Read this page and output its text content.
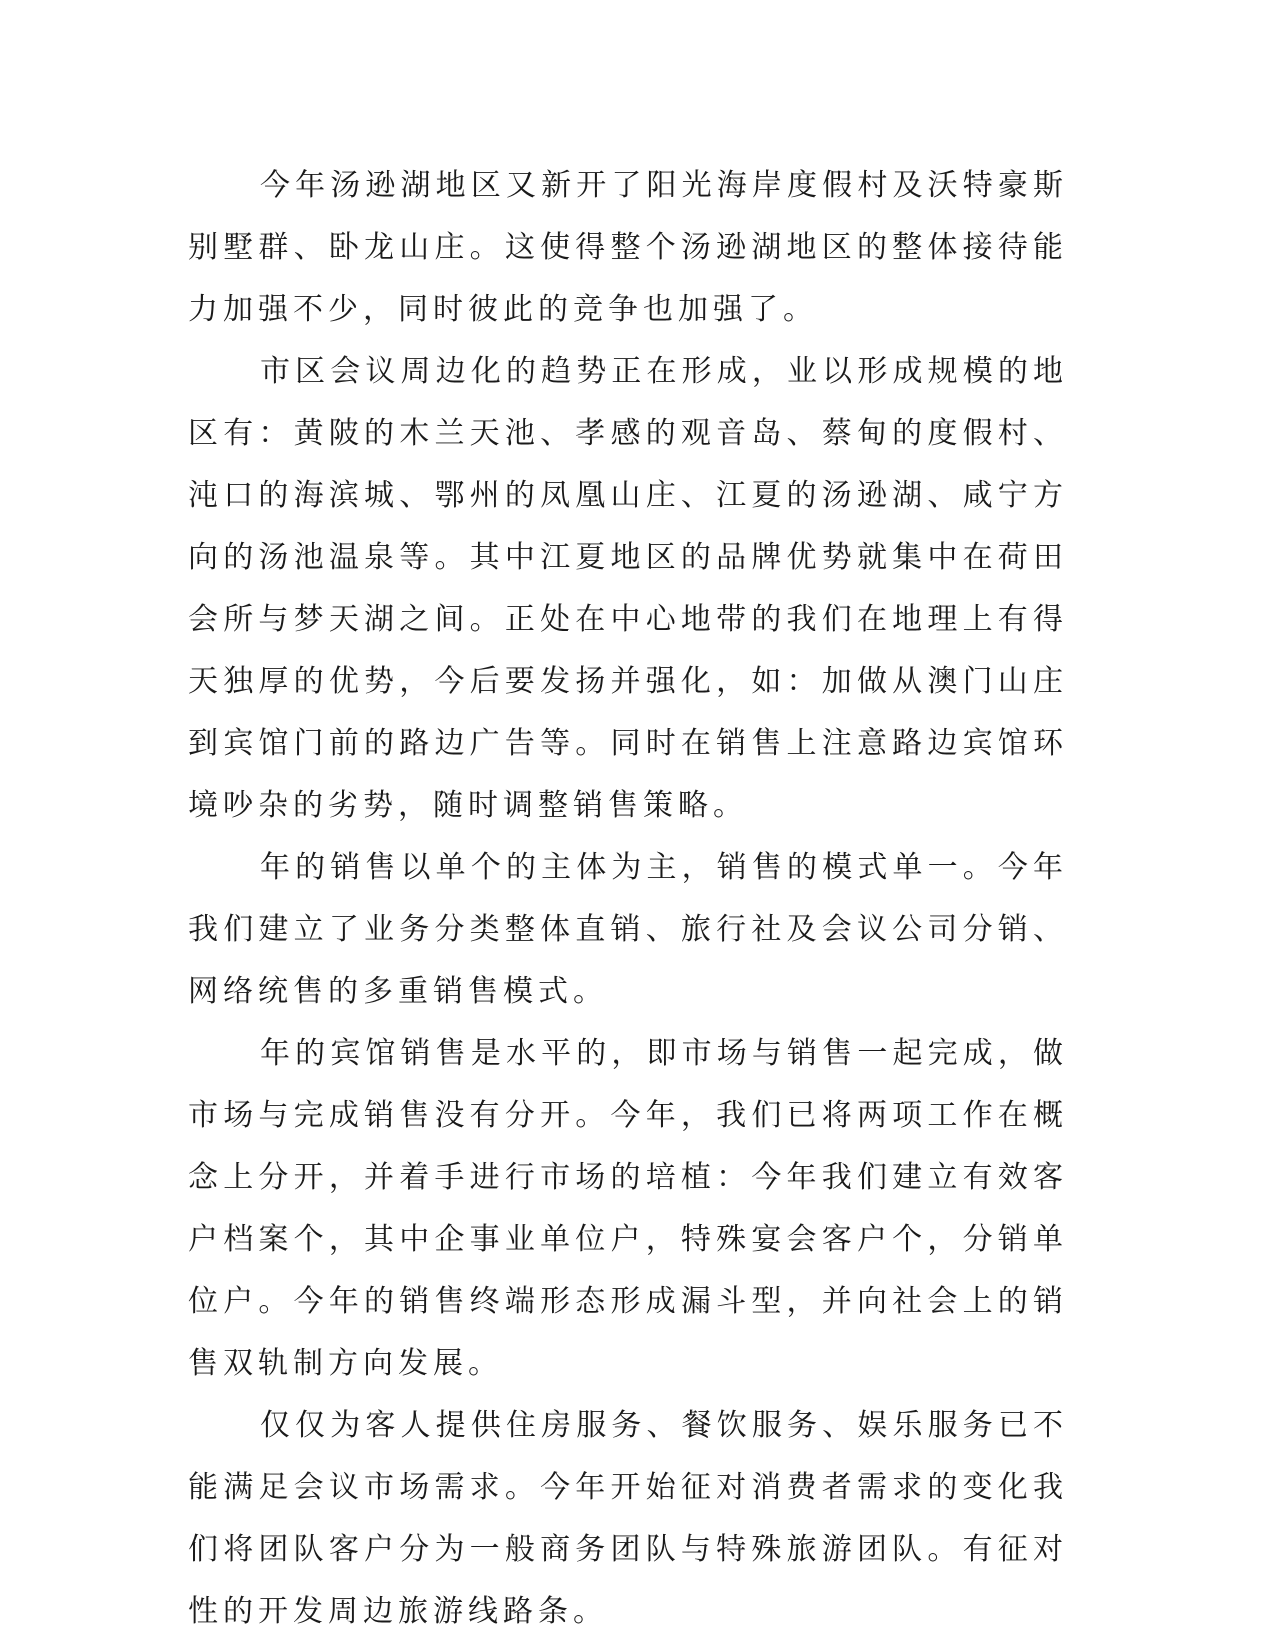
今年汤逊湖地区又新开了阳光海岸度假村及沃特豪斯别墅群、卧龙山庄。这使得整个汤逊湖地区的整体接待能力加强不少，同时彼此的竞争也加强了。

市区会议周边化的趋势正在形成，业以形成规模的地区有：黄陂的木兰天池、孝感的观音岛、蔡甸的度假村、沌口的海滨城、鄂州的凤凰山庄、江夏的汤逊湖、咸宁方向的汤池温泉等。其中江夏地区的品牌优势就集中在荷田会所与梦天湖之间。正处在中心地带的我们在地理上有得天独厚的优势，今后要发扬并强化，如：加做从澳门山庄到宾馆门前的路边广告等。同时在销售上注意路边宾馆环境吵杂的劣势，随时调整销售策略。

年的销售以单个的主体为主，销售的模式单一。今年我们建立了业务分类整体直销、旅行社及会议公司分销、网络统售的多重销售模式。

年的宾馆销售是水平的，即市场与销售一起完成，做市场与完成销售没有分开。今年，我们已将两项工作在概念上分开，并着手进行市场的培植：今年我们建立有效客户档案个，其中企事业单位户，特殊宴会客户个，分销单位户。今年的销售终端形态形成漏斗型，并向社会上的销售双轨制方向发展。

仅仅为客人提供住房服务、餐饮服务、娱乐服务已不能满足会议市场需求。今年开始征对消费者需求的变化我们将团队客户分为一般商务团队与特殊旅游团队。有征对性的开发周边旅游线路条。
